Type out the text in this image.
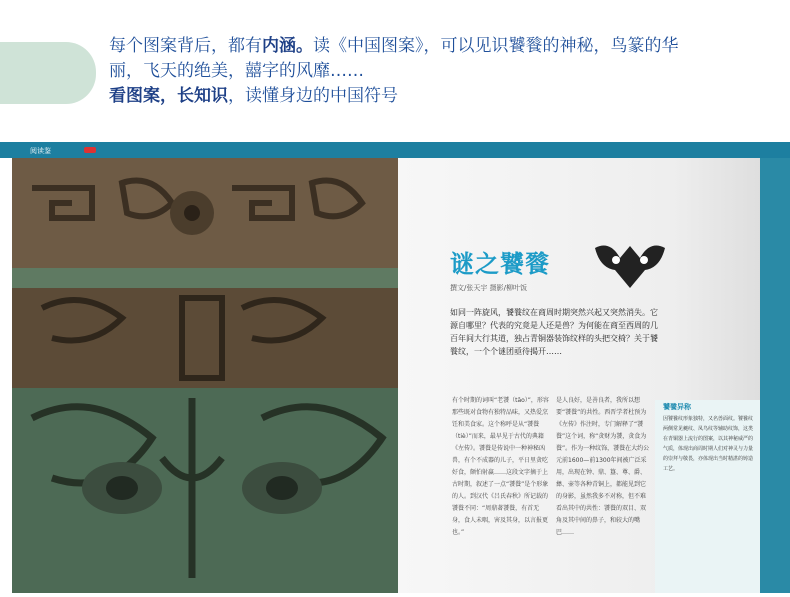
每个图案背后，都有内涵。读《中国图案》，可以见识饕餮的神秘，鸟篆的华

丽，飞天的绝美，囍字的风靡……

看图案，长知识，读懂身边的中国符号

阅读鉴
谜之饕餮
撰文/张天宇 摄影/柳叶饭
如同一阵旋风，饕餮纹在商周时期突然兴起又突然消失。它源自哪里？代表的究竟是人还是兽？为何能在商至西周的几百年间大行其道，独占青铜器装饰纹样的头把交椅？关于饕餮纹，一个个谜团亟待揭开……
有个时期的词叫“老饕（tāo）”，形容那些既对食物有独特品味，又热爱烹饪和美食家。这个称呼是从“饕餮（tiè）”而来，最早见于古代的典籍《左传》。饕餮是传说中一种神秘凶兽，有个不成器的儿子，平日里贪吃好食，颇怕射赢……这段文字摘于上古时期，叙述了一点“饕餮”是个形象的人。到汉代《吕氏春秋》所记载的饕餮不同：“周鼎著饕餮，有首无身，食人未咽，害及其身，以言报更也。”
是人良好，是善良者，我所以想要“饕餮”的共性。西晋学者杜预为《左传》作注时，专门解释了“饕餮”这个词，称“贪财为饕，贪食为餮”。作为一种纹饰，饕餮在大约公元前1600—前1300年间被广泛采用，出现在钟、鼎、簋、尊、爵、彝、壶等各种青铜上，都能见到它的身影，虽然我多不对称，但不难看出其中的共性：饕餮的双目、双角及其中间的鼻子，和较大的嘴巴……
饕餮异称
因饕餮纹形象独特，又名兽面纹。饕餮纹两侧常见夔纹、凤鸟纹等辅助纹饰，这类在青铜器上流行的图案，以其神秘威严的气质，体现出商周时期人们对神灵与力量的崇拜与敬畏，亦体现出当时精湛的铸造工艺。
